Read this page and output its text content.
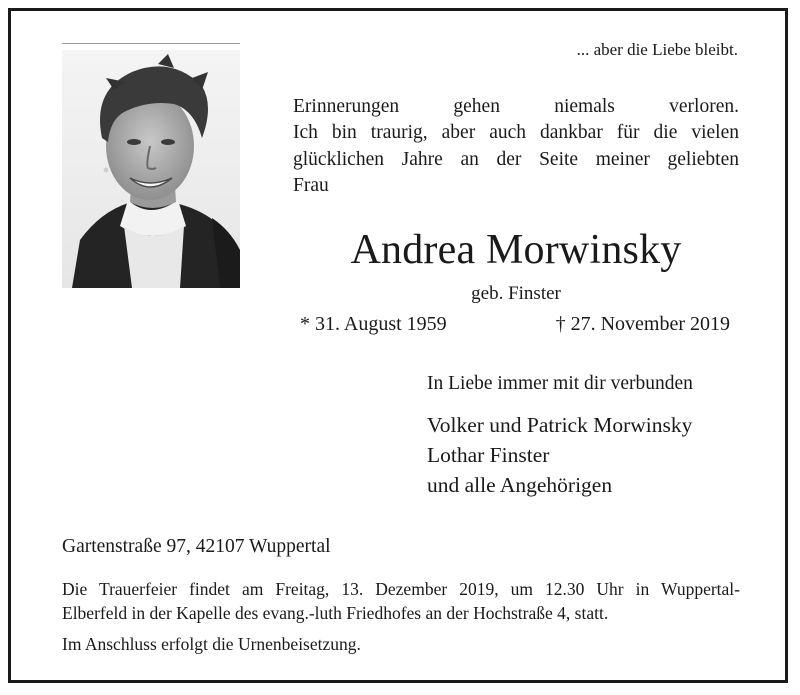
... aber die Liebe bleibt.
Erinnerungen gehen niemals verloren.
Ich bin traurig, aber auch dankbar für die vielen
glücklichen Jahre an der Seite meiner geliebten
Frau
Andrea Morwinsky
geb. Finster
* 31. August 1959	† 27. November 2019
In Liebe immer mit dir verbunden
Volker und Patrick Morwinsky
Lothar Finster
und alle Angehörigen
Gartenstraße 97, 42107 Wuppertal
Die Trauerfeier findet am Freitag, 13. Dezember 2019, um 12.30 Uhr in Wuppertal-
Elberfeld in der Kapelle des evang.-luth Friedhofes an der Hochstraße 4, statt.
Im Anschluss erfolgt die Urnenbeisetzung.
